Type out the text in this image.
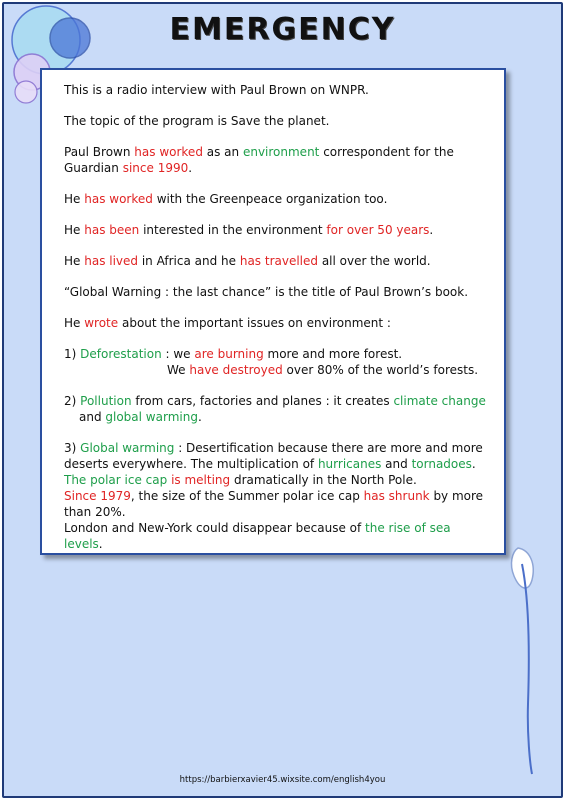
EMERGENCY

This is a radio interview with Paul Brown on WNPR.

The topic of the program is Save the planet.

Paul Brown has worked as an environment correspondent for the Guardian since 1990.

He has worked with the Greenpeace organization too.

He has been interested in the environment for over 50 years.

He has lived in Africa and he has travelled all over the world.

“Global Warning : the last chance” is the title of Paul Brown’s book.

He wrote about the important issues on environment :

1) Deforestation : we are burning more and more forest.
We have destroyed over 80% of the world’s forests.

2) Pollution from cars, factories and planes : it creates climate change
and global warming.

3) Global warming : Desertification because there are more and more deserts everywhere. The multiplication of hurricanes and tornadoes.
The polar ice cap is melting dramatically in the North Pole.
Since 1979, the size of the Summer polar ice cap has shrunk by more than 20%.
London and New-York could disappear because of the rise of sea levels.

https://barbierxavier45.wixsite.com/english4you
